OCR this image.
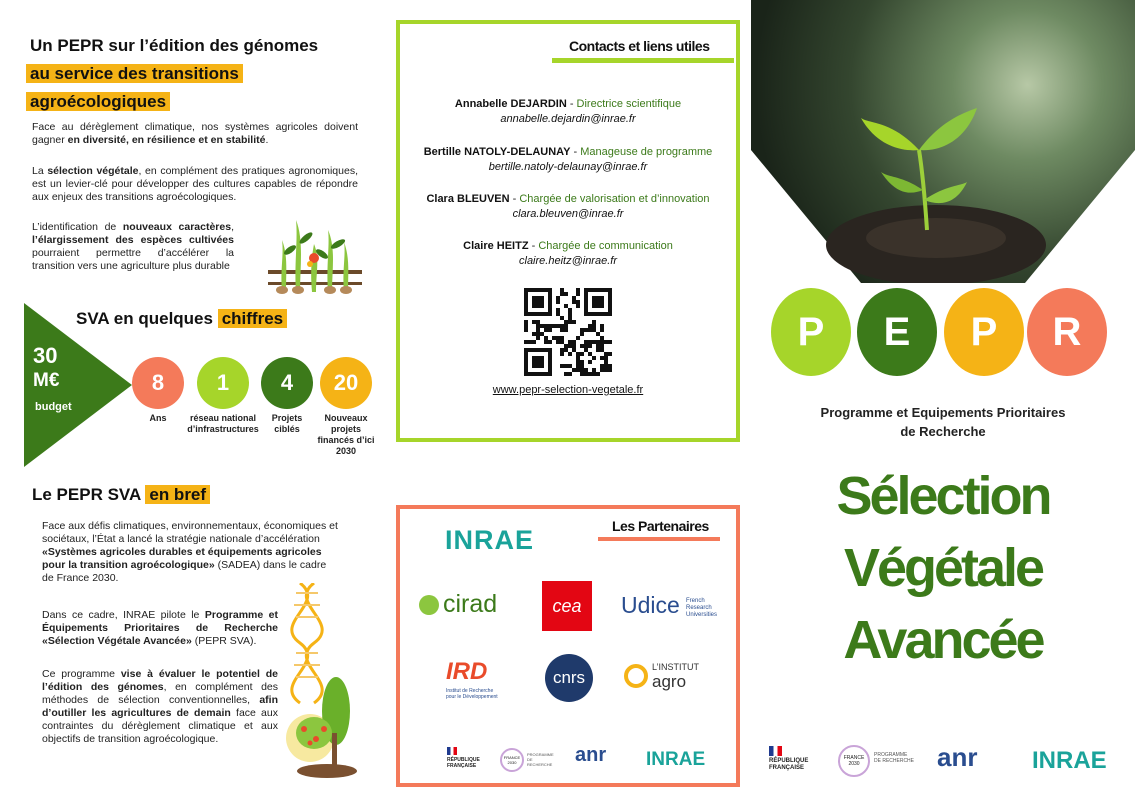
Un PEPR sur l’édition des génomes
au service des transitions
agroécologiques
Face au dérèglement climatique, nos systèmes agricoles doivent gagner en diversité, en résilience et en stabilité.
La sélection végétale, en complément des pratiques agronomiques, est un levier-clé pour développer des cultures capables de répondre aux enjeux des transitions agroécologiques.
L’identification de nouveaux caractères, l’élargissement des espèces cultivées pourraient permettre d’accélérer la transition vers une agriculture plus durable
SVA en quelques chiffres
30
M€
budget
8
Ans
1
réseau national d’infrastructures
4
Projets ciblés
20
Nouveaux projets financés d’ici 2030
Le PEPR SVA en bref
Face aux défis climatiques, environnementaux, économiques et sociétaux, l’État a lancé la stratégie nationale d’accélération «Systèmes agricoles durables et équipements agricoles pour la transition agroécologique» (SADEA) dans le cadre de France 2030.
Dans ce cadre, INRAE pilote le Programme et Équipements Prioritaires de Recherche «Sélection Végétale Avancée» (PEPR SVA).
Ce programme vise à évaluer le potentiel de l’édition des génomes, en complément des méthodes de sélection conventionnelles, afin d’outiller les agricultures de demain face aux contraintes du dérèglement climatique et aux objectifs de transition agroécologique.
Contacts et liens utiles
Annabelle DEJARDIN - Directrice scientifique
annabelle.dejardin@inrae.fr
Bertille NATOLY-DELAUNAY - Manageuse de programme
bertille.natoly-delaunay@inrae.fr
Clara BLEUVEN - Chargée de valorisation et d’innovation
clara.bleuven@inrae.fr
Claire HEITZ - Chargée de communication
claire.heitz@inrae.fr
www.pepr-selection-vegetale.fr
Les Partenaires
INRAE
cirad	cea	Udice French
Research
Universities
IRD
Institut de Recherche
pour le Développement
cnrs
L’INSTITUT
agro
RÉPUBLIQUE
FRANÇAISE
FRANCE 2030
PROGRAMME DE RECHERCHE anr INRAE
P	E	P	R
Programme et Equipements Prioritaires
de Recherche
Sélection
Végétale
Avancée
RÉPUBLIQUE
FRANÇAISE
FRANCE 2030
PROGRAMME DE RECHERCHE anr INRAE
